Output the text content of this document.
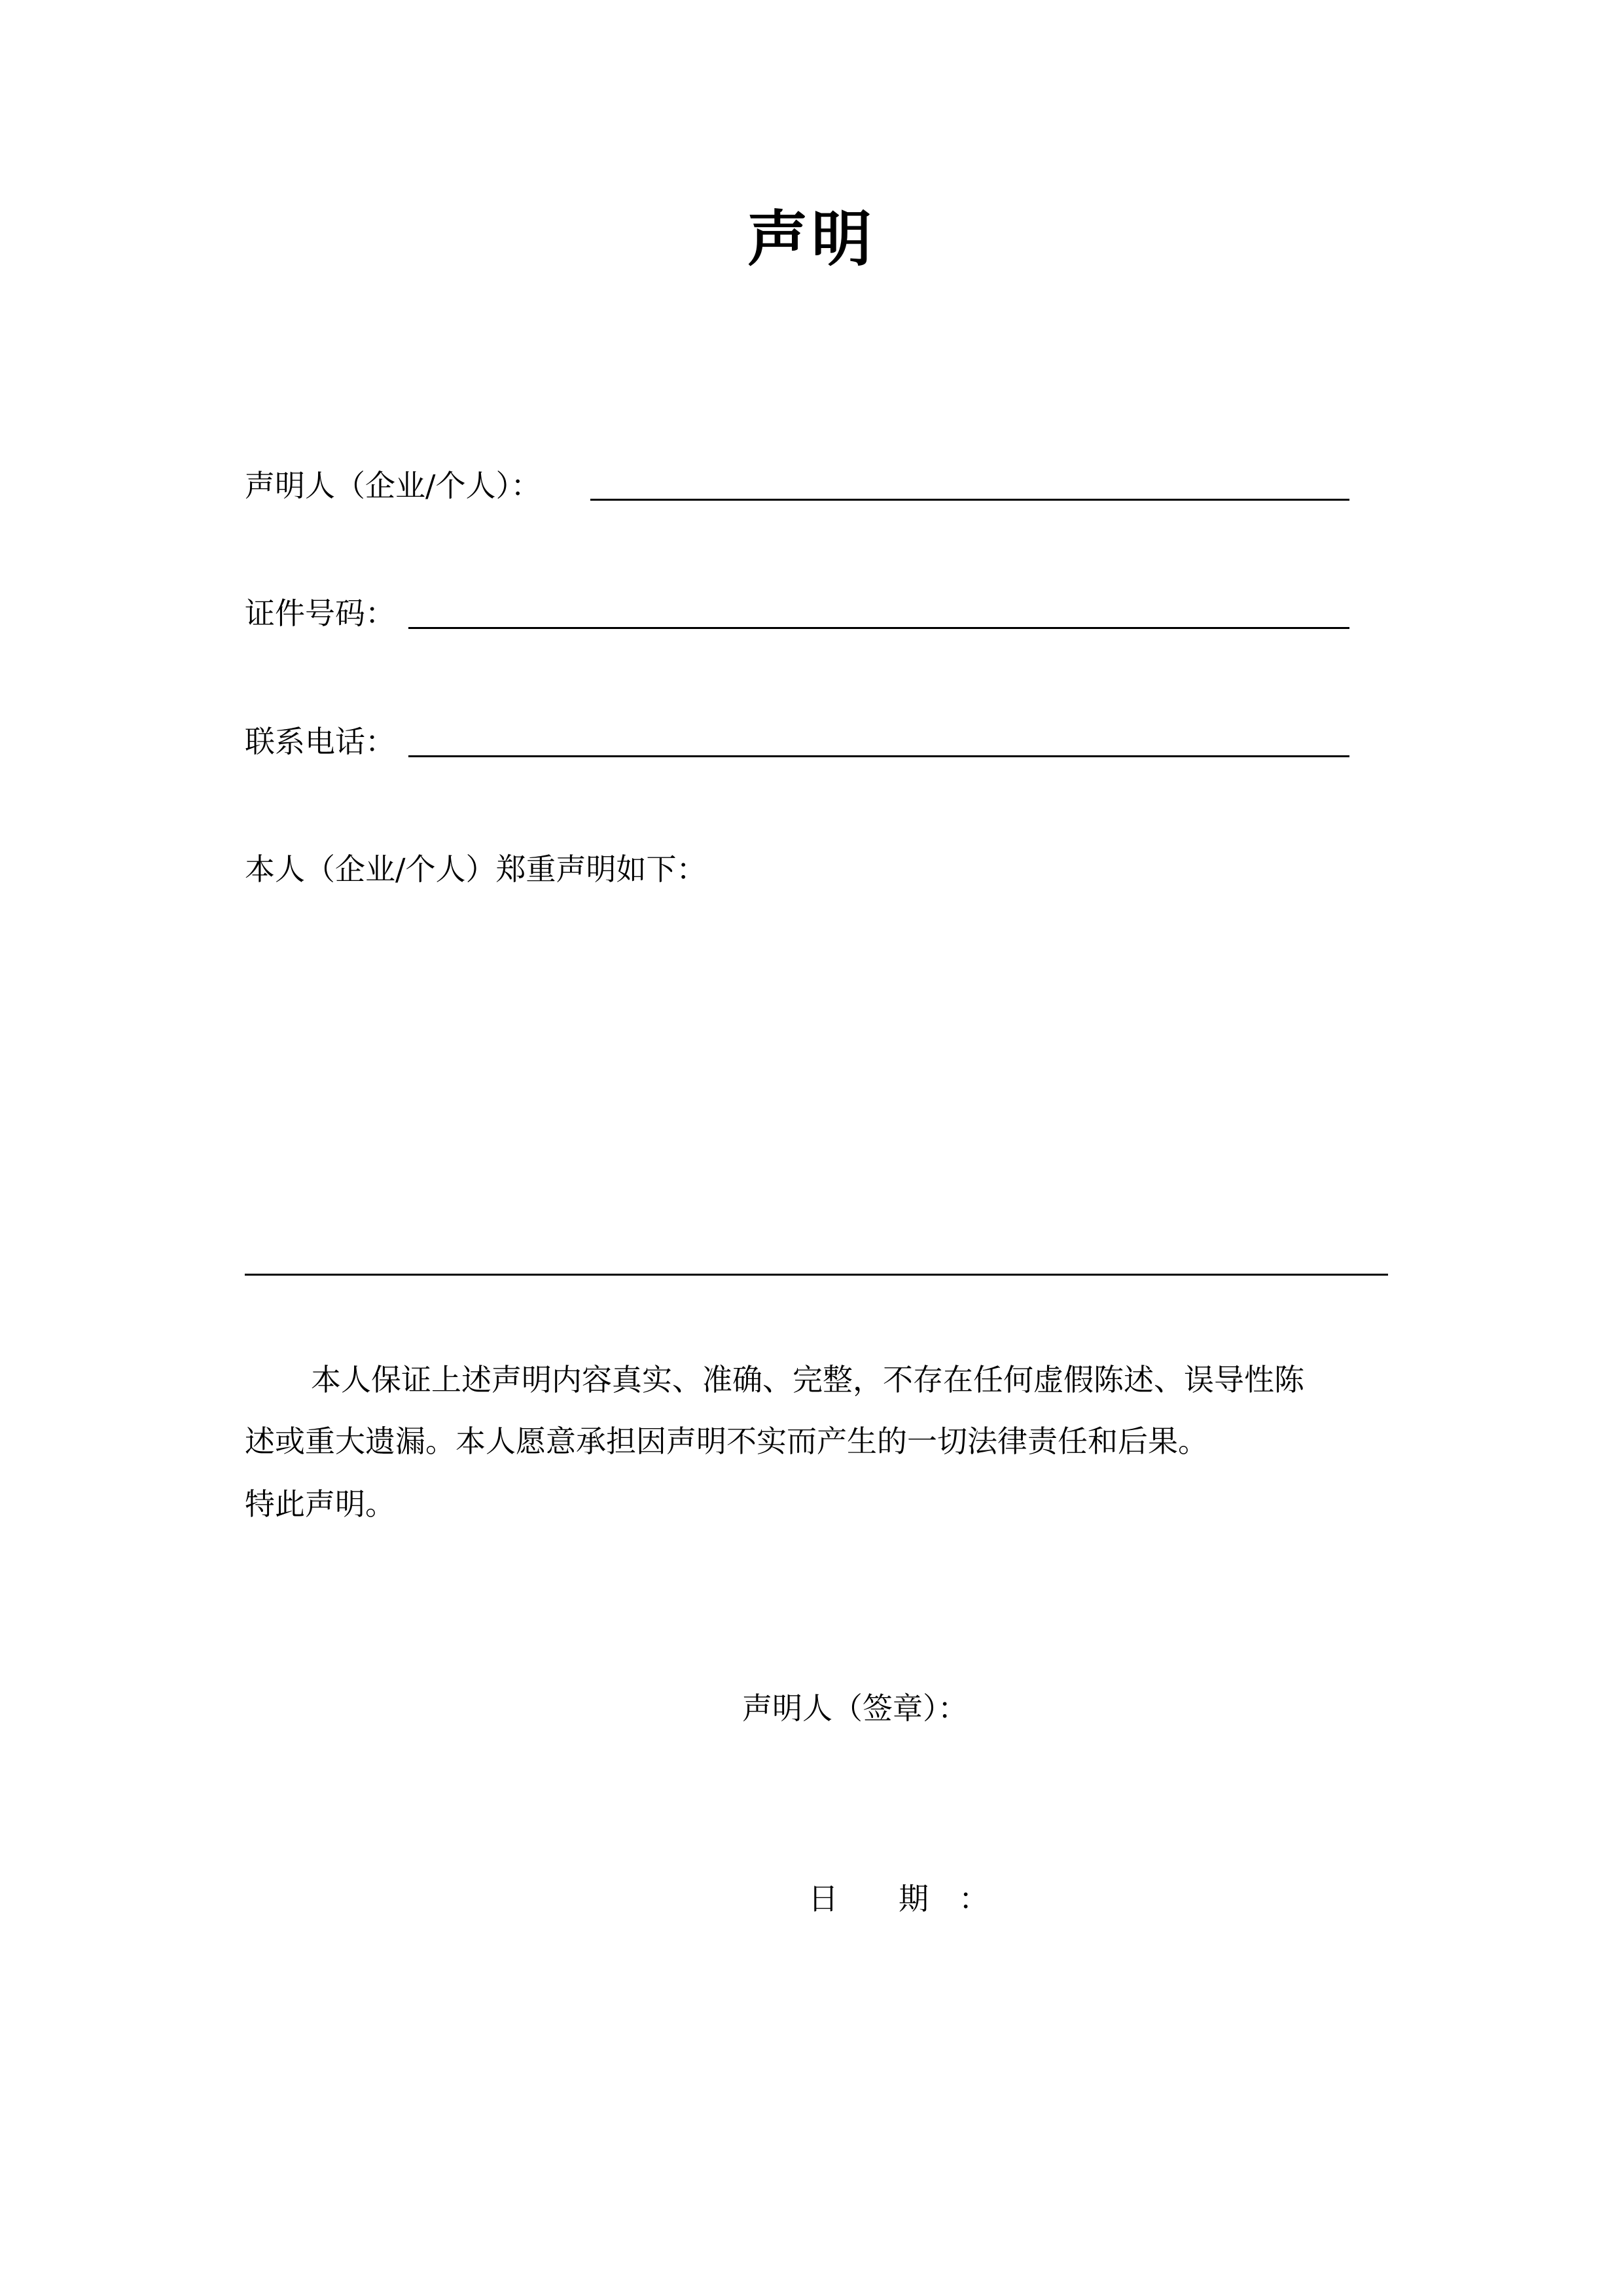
声明
声明人（企业/个人）：
证件号码：
联系电话：
本人（企业/个人）郑重声明如下：
本人保证上述声明内容真实、准确、完整，不存在任何虚假陈述、误导性陈
述或重大遗漏。本人愿意承担因声明不实而产生的一切法律责任和后果。
特此声明。
声明人（签章）：
日　　期　：
